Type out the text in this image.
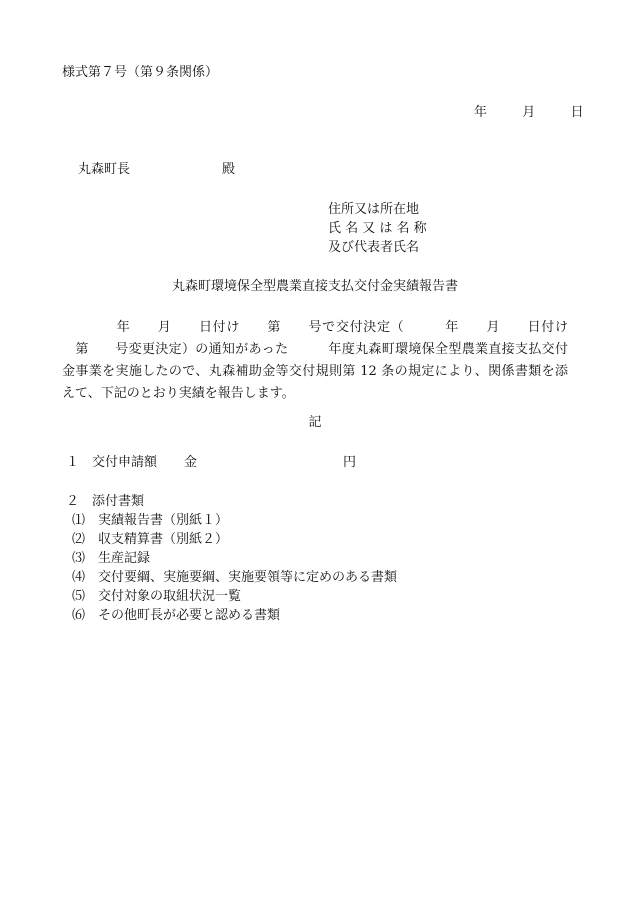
様式第７号（第９条関係）
年	月	日
丸森町長	殿
住所又は所在地
氏 名 又 は 名 称
及び代表者氏名
丸森町環境保全型農業直接支払交付金実績報告書
　　　　年　　月　　日付け　　第　　号で交付決定（　　　年　　月　　日付け
　第　　号変更決定）の通知があった　　　年度丸森町環境保全型農業直接支払交付
金事業を実施したので、丸森補助金等交付規則第 12 条の規定により、関係書類を添
えて、下記のとおり実績を報告します。
記
１　交付申請額 金	円
２　添付書類
⑴ 実績報告書（別紙１）
⑵ 収支精算書（別紙２）
⑶ 生産記録
⑷ 交付要綱、実施要綱、実施要領等に定めのある書類
⑸ 交付対象の取組状況一覧
⑹ その他町長が必要と認める書類
